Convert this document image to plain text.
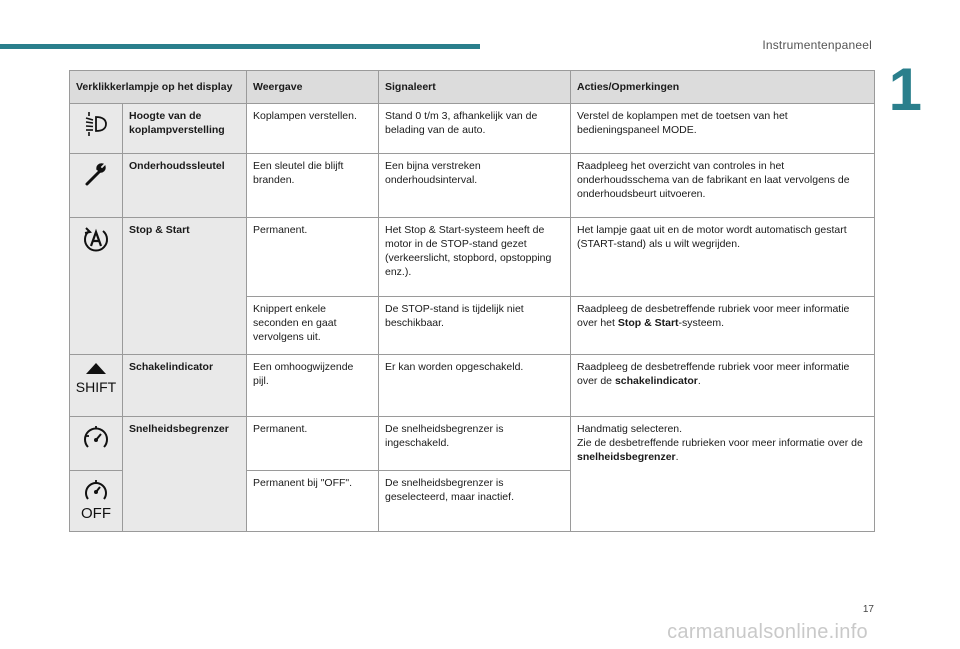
Instrumentenpaneel
1
Verklikkerlampje op het display		Weergave	Signaleert	Acties/Opmerkingen
	Hoogte van de koplampverstelling	Koplampen verstellen.	Stand 0 t/m 3, afhankelijk van de belading van de auto.	Verstel de koplampen met de toetsen van het bedieningspaneel MODE.
	Onderhoudssleutel	Een sleutel die blijft branden.	Een bijna verstreken onderhoudsinterval.	Raadpleeg het overzicht van controles in het onderhoudsschema van de fabrikant en laat vervolgens de onderhoudsbeurt uitvoeren.
	Stop & Start	Permanent.	Het Stop & Start-systeem heeft de motor in de STOP-stand gezet (verkeerslicht, stopbord, opstopping enz.).	Het lampje gaat uit en de motor wordt automatisch gestart (START-stand) als u wilt wegrijden.
		Knippert enkele seconden en gaat vervolgens uit.	De STOP-stand is tijdelijk niet beschikbaar.	Raadpleeg de desbetreffende rubriek voor meer informatie over het Stop & Start-systeem.

SHIFT	Schakelindicator	Een omhoogwijzende pijl.	Er kan worden opgeschakeld.	Raadpleeg de desbetreffende rubriek voor meer informatie over de schakelindicator.
	Snelheidsbegrenzer	Permanent.	De snelheidsbegrenzer is ingeschakeld.	Handmatig selecteren.
Zie de desbetreffende rubrieken voor meer informatie over de snelheidsbegrenzer.

OFF		Permanent bij "OFF".	De snelheidsbegrenzer is geselecteerd, maar inactief.	
17
carmanualsonline.info
